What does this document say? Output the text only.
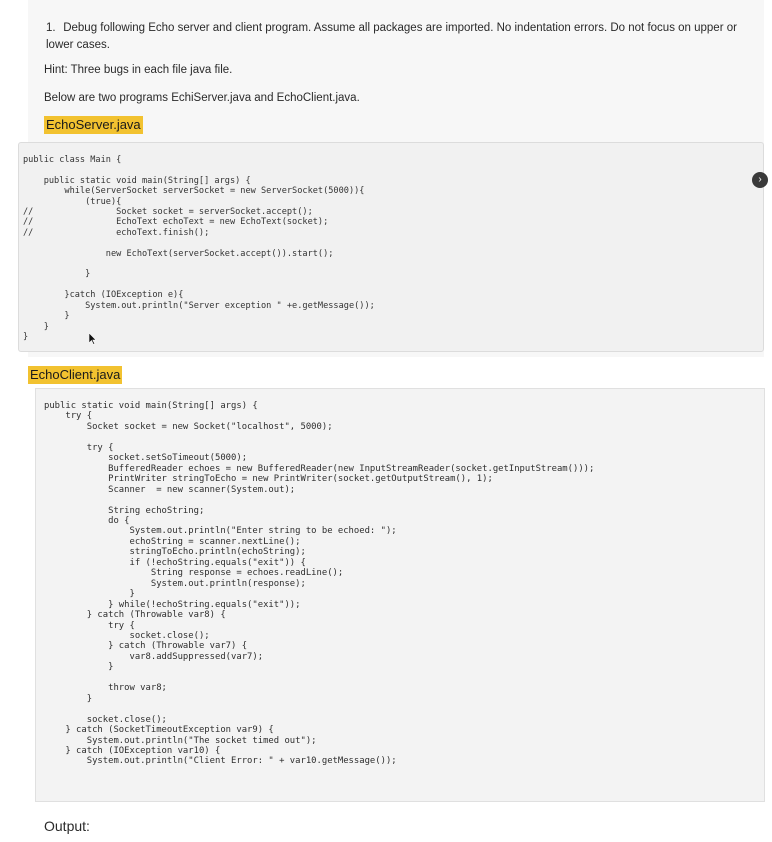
1. Debug following Echo server and client program. Assume all packages are imported. No indentation errors. Do not focus on upper or lower cases.
Hint: Three bugs in each file java file.
Below are two programs EchiServer.java and EchoClient.java.
EchoServer.java
public class Main {

public static void main(String[] args) {
while(ServerSocket serverSocket = new ServerSocket(5000)){
(true){
//                Socket socket = serverSocket.accept();
//                EchoText echoText = new EchoText(socket);
//                echoText.finish();

new EchoText(serverSocket.accept()).start();

}

}catch (IOException e){
System.out.println("Server exception " +e.getMessage());
}
}
}

›
EchoClient.java
public static void main(String[] args) {
try {
Socket socket = new Socket("localhost", 5000);

try {
socket.setSoTimeout(5000);
BufferedReader echoes = new BufferedReader(new InputStreamReader(socket.getInputStream()));
PrintWriter stringToEcho = new PrintWriter(socket.getOutputStream(), 1);
Scanner  = new scanner(System.out);

String echoString;
do {
System.out.println("Enter string to be echoed: ");
echoString = scanner.nextLine();
stringToEcho.println(echoString);
if (!echoString.equals("exit")) {
String response = echoes.readLine();
System.out.println(response);
}
} while(!echoString.equals("exit"));
} catch (Throwable var8) {
try {
socket.close();
} catch (Throwable var7) {
var8.addSuppressed(var7);
}

throw var8;
}

socket.close();
} catch (SocketTimeoutException var9) {
System.out.println("The socket timed out");
} catch (IOException var10) {
System.out.println("Client Error: " + var10.getMessage());

Output:
